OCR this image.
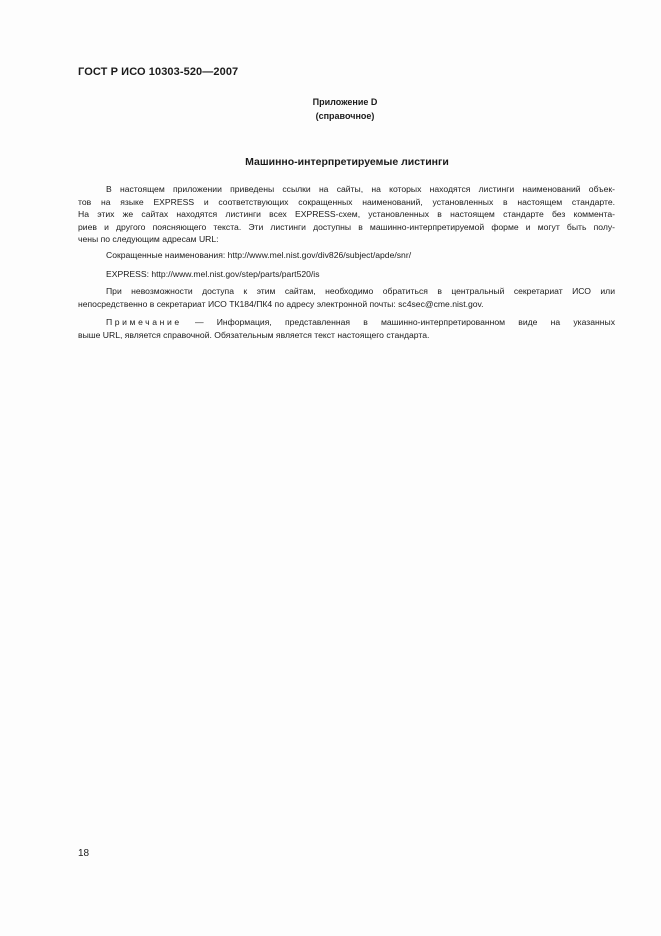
ГОСТ Р ИСО 10303-520—2007
Приложение D
(справочное)
Машинно-интерпретируемые листинги
В настоящем приложении приведены ссылки на сайты, на которых находятся листинги наименований объек-
тов на языке EXPRESS и соответствующих сокращенных наименований, установленных в настоящем стандарте.
На этих же сайтах находятся листинги всех EXPRESS-схем, установленных в настоящем стандарте без коммента-
риев и другого поясняющего текста. Эти листинги доступны в машинно-интерпретируемой форме и могут быть полу-
чены по следующим адресам URL:
Сокращенные наименования: http://www.mel.nist.gov/div826/subject/apde/snr/
EXPRESS: http://www.mel.nist.gov/step/parts/part520/is
При невозможности доступа к этим сайтам, необходимо обратиться в центральный секретариат ИСО или
непосредственно в секретариат ИСО ТК184/ПК4 по адресу электронной почты: sc4sec@cme.nist.gov.
Примечание — Информация, представленная в машинно-интерпретированном виде на указанных
выше URL, является справочной. Обязательным является текст настоящего стандарта.
18
